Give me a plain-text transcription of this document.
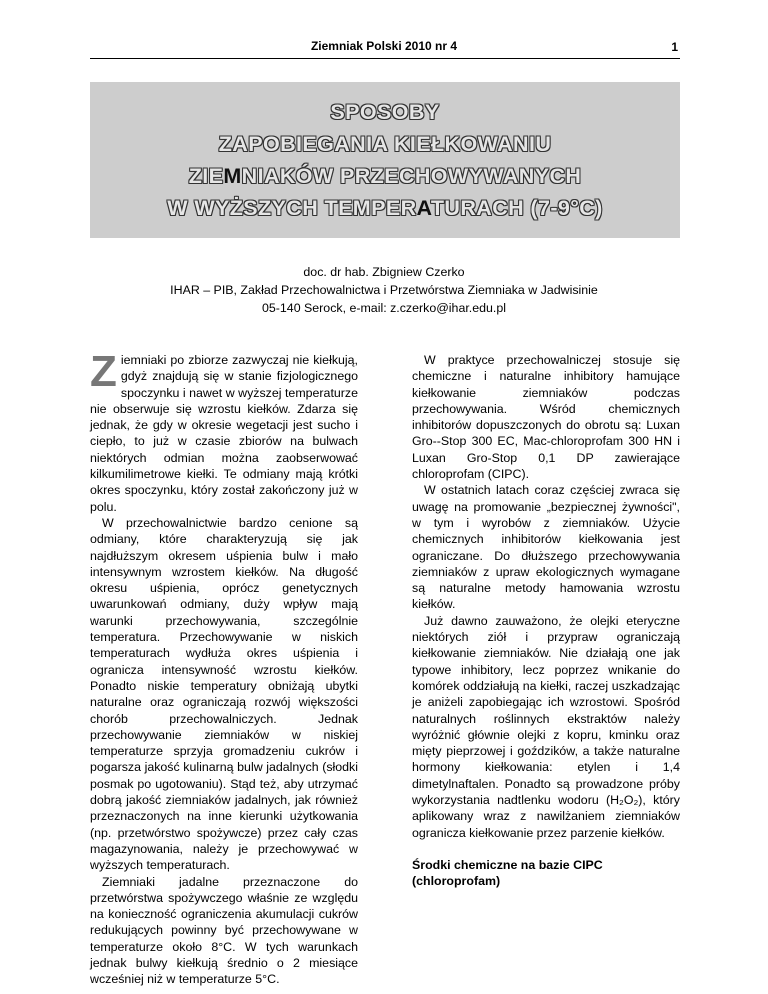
Ziemniak Polski 2010 nr 4	1
SPOSOBY
ZAPOBIEGANIA KIEŁKOWANIU
ZIEMNIAKÓW PRZECHOWYWANYCH
W WYŻSZYCH TEMPERATURACH (7-9°C)
doc. dr hab. Zbigniew Czerko
IHAR – PIB, Zakład Przechowalnictwa i Przetwórstwa Ziemniaka w Jadwisinie
05-140 Serock, e-mail: z.czerko@ihar.edu.pl

Ziemniaki po zbiorze zazwyczaj nie kiełkują, gdyż znajdują się w stanie fizjologicznego spoczynku i nawet w wyższej temperaturze nie obserwuje się wzrostu kiełków. Zdarza się jednak, że gdy w okresie wegetacji jest sucho i ciepło, to już w czasie zbiorów na bulwach niektórych odmian można zaobserwować kilkumilimetrowe kiełki. Te odmiany mają krótki okres spoczynku, który został zakończony już w polu.

W przechowalnictwie bardzo cenione są odmiany, które charakteryzują się jak najdłuższym okresem uśpienia bulw i mało intensywnym wzrostem kiełków. Na długość okresu uśpienia, oprócz genetycznych uwarunkowań odmiany, duży wpływ mają warunki przechowywania, szczególnie temperatura. Przechowywanie w niskich temperaturach wydłuża okres uśpienia i ogranicza intensywność wzrostu kiełków. Ponadto niskie temperatury obniżają ubytki naturalne oraz ograniczają rozwój większości chorób przechowalniczych. Jednak przechowywanie ziemniaków w niskiej temperaturze sprzyja gromadzeniu cukrów i pogarsza jakość kulinarną bulw jadalnych (słodki posmak po ugotowaniu). Stąd też, aby utrzymać dobrą jakość ziemniaków jadalnych, jak również przeznaczonych na inne kierunki użytkowania (np. przetwórstwo spożywcze) przez cały czas magazynowania, należy je przechowywać w wyższych temperaturach.

Ziemniaki jadalne przeznaczone do przetwórstwa spożywczego właśnie ze względu na konieczność ograniczenia akumulacji cukrów redukujących powinny być przechowywane w temperaturze około 8°C. W tych warunkach jednak bulwy kiełkują średnio o 2 miesiące wcześniej niż w temperaturze 5°C.

W praktyce przechowalniczej stosuje się chemiczne i naturalne inhibitory hamujące kiełkowanie ziemniaków podczas przechowywania. Wśród chemicznych inhibitorów dopuszczonych do obrotu są: Luxan Gro--Stop 300 EC, Mac-chloroprofam 300 HN i Luxan Gro-Stop 0,1 DP zawierające chloroprofam (CIPC).

W ostatnich latach coraz częściej zwraca się uwagę na promowanie „bezpiecznej żywności", w tym i wyrobów z ziemniaków. Użycie chemicznych inhibitorów kiełkowania jest ograniczane. Do dłuższego przechowywania ziemniaków z upraw ekologicznych wymagane są naturalne metody hamowania wzrostu kiełków.

Już dawno zauważono, że olejki eteryczne niektórych ziół i przypraw ograniczają kiełkowanie ziemniaków. Nie działają one jak typowe inhibitory, lecz poprzez wnikanie do komórek oddziałują na kiełki, raczej uszkadzając je aniżeli zapobiegając ich wzrostowi. Spośród naturalnych roślinnych ekstraktów należy wyróżnić głównie olejki z kopru, kminku oraz mięty pieprzowej i goździków, a także naturalne hormony kiełkowania: etylen i 1,4 dimetylnaftalen. Ponadto są prowadzone próby wykorzystania nadtlenku wodoru (H₂O₂), który aplikowany wraz z nawilżaniem ziemniaków ogranicza kiełkowanie przez parzenie kiełków.

Środki chemiczne na bazie CIPC (chloroprofam)
